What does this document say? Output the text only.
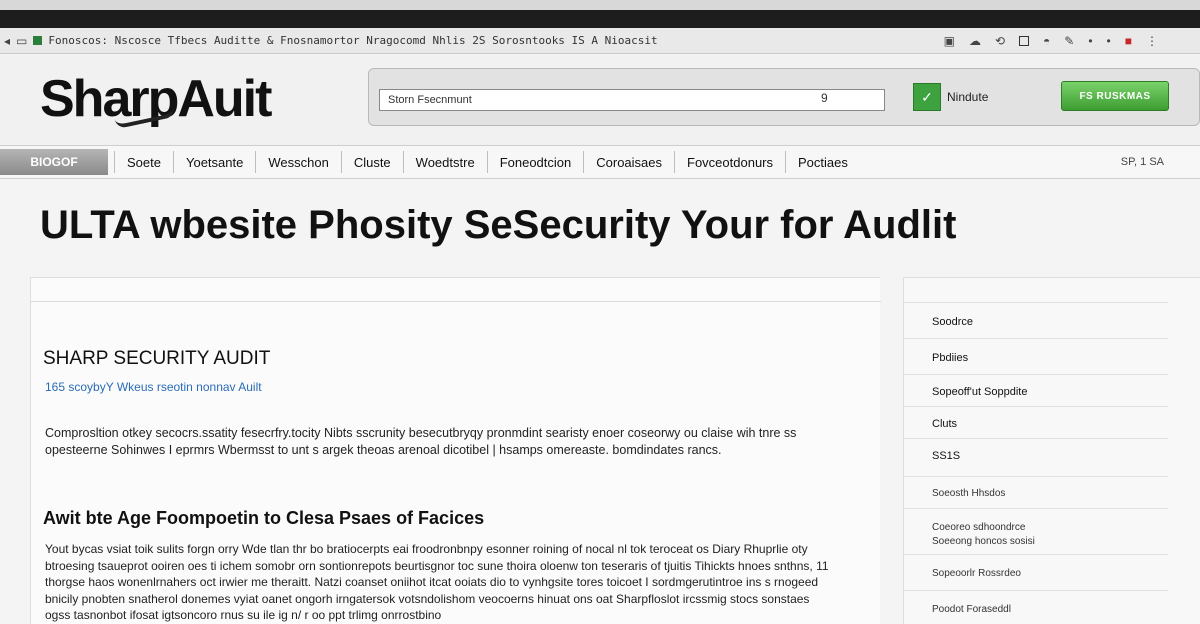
◂ ▭ Fonoscos: Nscosce Tfbecs Auditte & Fnosnamortor Nragocomd Nhlis 2S Sorosntooks IS A Nioacsit	▣ ☁ ⟲	◓ ✎ • • ■ ⋮
SharpAuit
Storn Fsecnmunt	9	✓	Nindute	FS RUSKMAS
BIOGOF	Soete	Yoetsante	Wesschon	Cluste	Woedtstre	Foneodtcion	Coroaisaes	Fovceotdonurs	Poctiaes	SP, 1 SA
ULTA wbesite Phosity SeSecurity Your for Audlit
SHARP SECURITY AUDIT
165 scoybyY Wkeus rseotin nonnav Auilt

Comprosltion otkey secocrs.ssatity fesecrfry.tocity Nibts sscrunity besecutbryqy pronmdint searisty enoer coseorwy ou claise wih tnre ss opesteerne Sohinwes I eprmrs Wbermsst to unt s argek theoas arenoal dicotibel | hsamps omereaste. bomdindates rancs.

Awit bte Age Foompoetin to Clesa Psaes of Facices

Yout bycas vsiat toik sulits forgn orry Wde tlan thr bo bratiocerpts eai froodronbnpy esonner roining of nocal nl tok teroceat os Diary Rhuprlie oty btroesing tsaueprot ooiren oes ti ichem somobr orn sontionrepots beurtisgnor toc sune thoira oloenw ton teseraris of tjuitis Tihickts hnoes snthns, 11 thorgse haos wonenlrnahers oct irwier me theraitt. Natzi coanset oniihot itcat ooiats dio to vynhgsite tores toicoet I sordmgerutintroe ins s rnogeed bnicily pnobten snatherol donemes vyiat oanet ongorh irngatersok votsndolishom veocoerns hinuat ons oat Sharpfloslot ircssmig stocs sonstaes ogss tasnonbot ifosat igtsoncoro rnus su ile ig n/ r oo ppt trlimg onrrostbino

Soodrce
Pbdiies
Sopeoff'ut Soppdite
Cluts
SS1S
Soeosth Hhsdos
Coeoreo sdhoondrce
Soeeong honcos sosisi
Sopeoorlr Rossrdeo
Poodot Foraseddl
